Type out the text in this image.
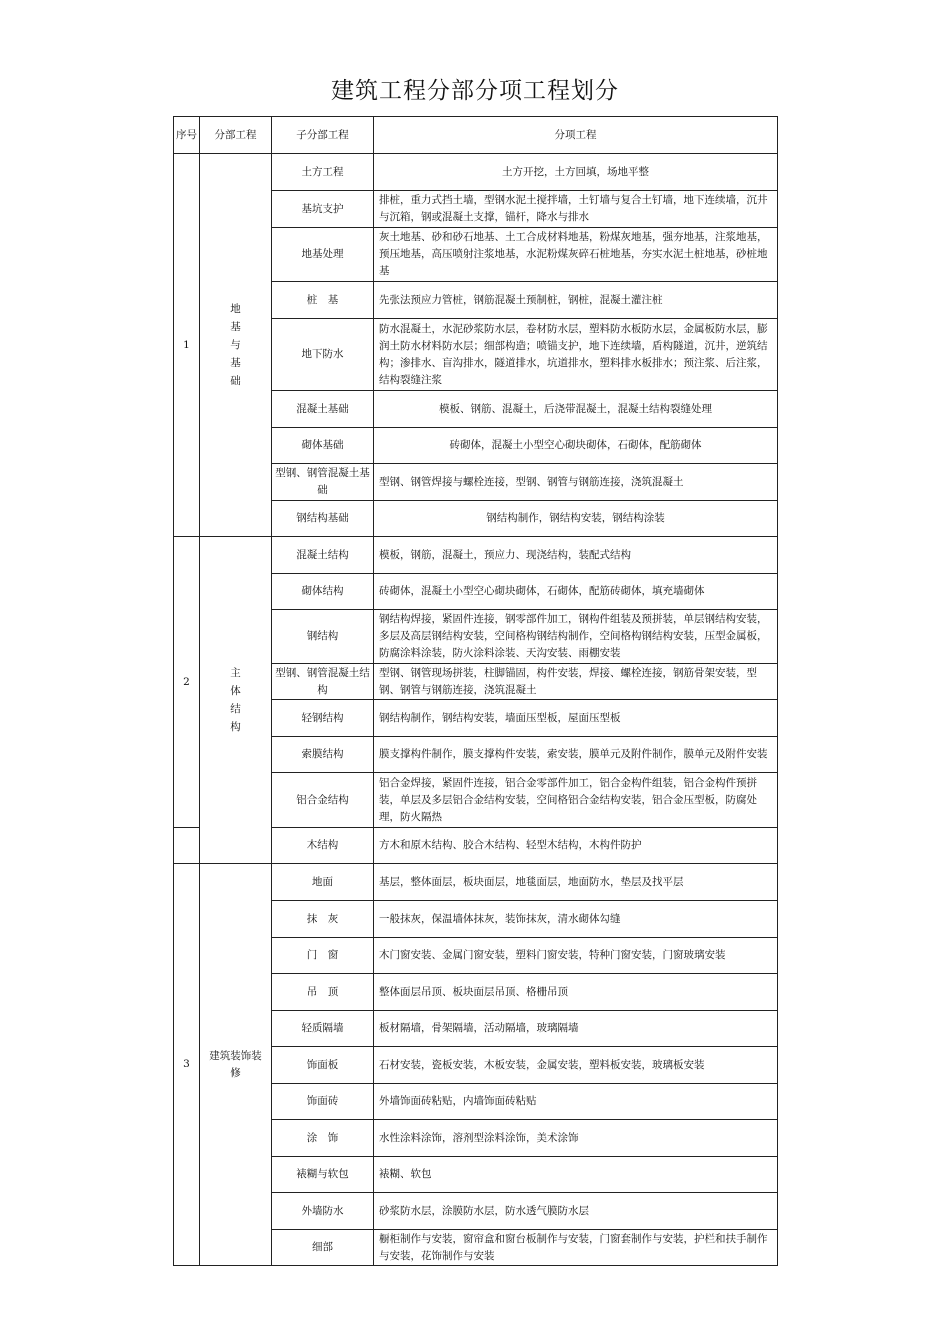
建筑工程分部分项工程划分
序号	分部工程	子分部工程	分项工程
1	地基与基础	土方工程	土方开挖，土方回填，场地平整
		基坑支护	排桩，重力式挡土墙，型钢水泥土搅拌墙，土钉墙与复合土钉墙，地下连续墙，沉井与沉箱，钢或混凝土支撑，锚杆，降水与排水
		地基处理	灰土地基、砂和砂石地基、土工合成材料地基，粉煤灰地基，强夯地基，注浆地基，预压地基，高压喷射注浆地基，水泥粉煤灰碎石桩地基，夯实水泥土桩地基，砂桩地基
		桩　基	先张法预应力管桩，钢筋混凝土预制桩，钢桩，混凝土灌注桩
		地下防水	防水混凝土，水泥砂浆防水层，卷材防水层，塑料防水板防水层，金属板防水层，膨润土防水材料防水层；细部构造；喷锚支护，地下连续墙，盾构隧道，沉井，逆筑结构；渗排水、盲沟排水，隧道排水，坑道排水，塑料排水板排水；预注浆、后注浆，结构裂缝注浆
		混凝土基础	模板、钢筋、混凝土，后浇带混凝土，混凝土结构裂缝处理
		砌体基础	砖砌体，混凝土小型空心砌块砌体，石砌体，配筋砌体
		型钢、钢管混凝土基础	型钢、钢管焊接与螺栓连接，型钢、钢管与钢筋连接，浇筑混凝土
		钢结构基础	钢结构制作，钢结构安装，钢结构涂装
2	主体结构	混凝土结构	模板，钢筋，混凝土，预应力、现浇结构，装配式结构
		砌体结构	砖砌体，混凝土小型空心砌块砌体，石砌体，配筋砖砌体，填充墙砌体
		钢结构	钢结构焊接，紧固件连接，钢零部件加工，钢构件组装及预拼装，单层钢结构安装，多层及高层钢结构安装，空间格构钢结构制作，空间格构钢结构安装，压型金属板，防腐涂料涂装，防火涂料涂装、天沟安装、雨棚安装
		型钢、钢管混凝土结构	型钢、钢管现场拼装，柱脚锚固，构件安装，焊接、螺栓连接，钢筋骨架安装，型钢、钢管与钢筋连接，浇筑混凝土
		轻钢结构	钢结构制作，钢结构安装，墙面压型板，屋面压型板
		索膜结构	膜支撑构件制作，膜支撑构件安装，索安装，膜单元及附件制作，膜单元及附件安装
		铝合金结构	铝合金焊接，紧固件连接，铝合金零部件加工，铝合金构件组装，铝合金构件预拼装，单层及多层铝合金结构安装，空间格铝合金结构安装，铝合金压型板，防腐处理，防火隔热
		木结构	方木和原木结构、胶合木结构、轻型木结构，木构件防护
3	建筑装饰装修	地面	基层，整体面层，板块面层，地毯面层，地面防水，垫层及找平层
		抹　灰	一般抹灰，保温墙体抹灰，装饰抹灰，清水砌体勾缝
		门　窗	木门窗安装、金属门窗安装，塑料门窗安装，特种门窗安装，门窗玻璃安装
		吊　顶	整体面层吊顶、板块面层吊顶、格栅吊顶
		轻质隔墙	板材隔墙，骨架隔墙，活动隔墙，玻璃隔墙
		饰面板	石材安装，瓷板安装，木板安装，金属安装，塑料板安装，玻璃板安装
		饰面砖	外墙饰面砖粘贴，内墙饰面砖粘贴
		涂　饰	水性涂料涂饰，溶剂型涂料涂饰，美术涂饰
		裱糊与软包	裱糊、软包
		外墙防水	砂浆防水层，涂膜防水层，防水透气膜防水层
		细部	橱柜制作与安装，窗帘盒和窗台板制作与安装，门窗套制作与安装，护栏和扶手制作与安装，花饰制作与安装
